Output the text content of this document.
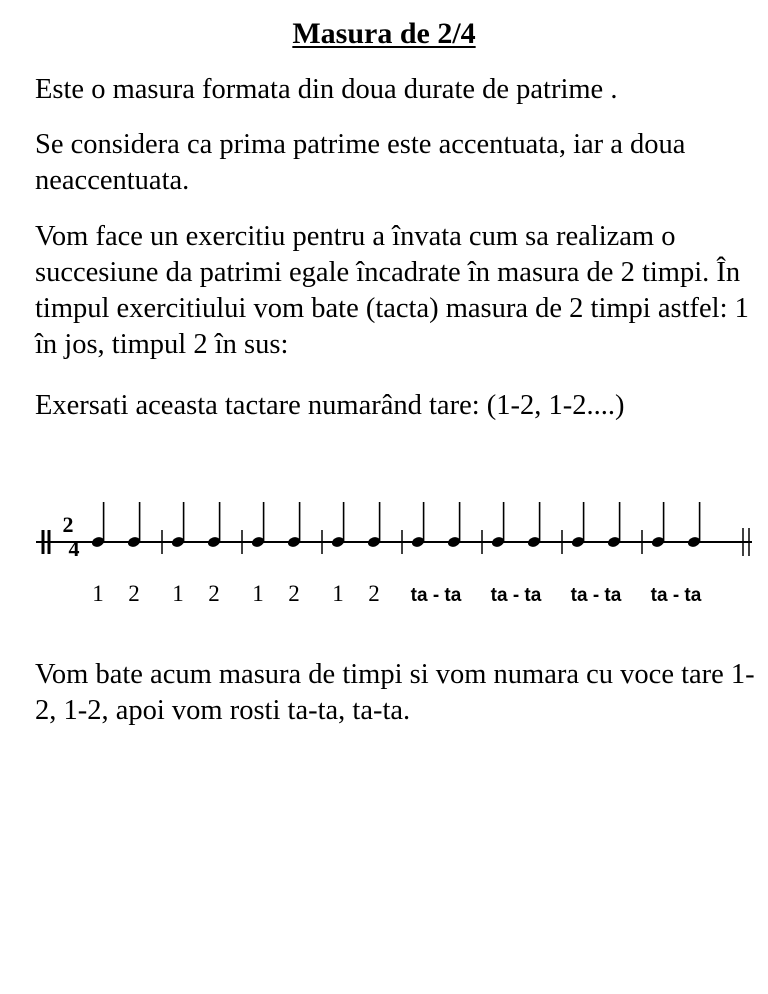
Masura de 2/4

Este o masura formata din doua durate de patrime .

Se considera ca prima patrime este accentuata, iar a doua neaccentuata.

Vom face un exercitiu pentru a învata cum sa realizam o succesiune da patrimi egale încadrate în masura de 2 timpi. În timpul exercitiului vom bate (tacta) masura de 2 timpi astfel: 1 în jos, timpul 2 în sus:

Exersati aceasta tactare numarând tare: (1-2, 1-2....)

2
4
1 2 1 2 1 2 1 2 ta - ta ta - ta ta - ta ta - ta

Vom bate acum masura de timpi si vom numara cu voce tare 1-2, 1-2, apoi vom rosti ta-ta, ta-ta.
